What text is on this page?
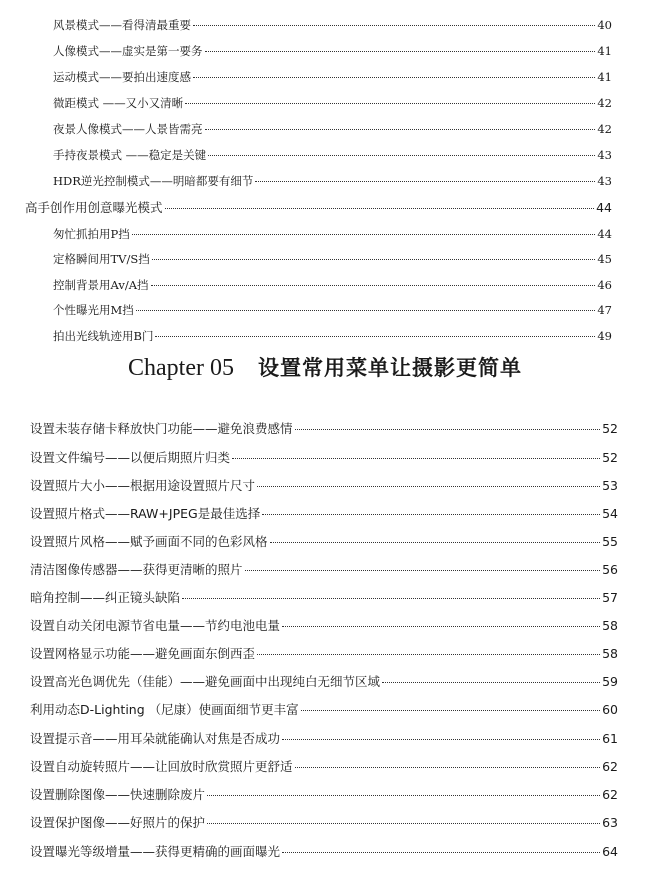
风景模式——看得清最重要	40
人像模式——虚实是第一要务	41
运动模式——要拍出速度感	41
微距模式 ——又小又清晰	42
夜景人像模式——人景皆需亮	42
手持夜景模式 ——稳定是关键	43
HDR逆光控制模式——明暗都要有细节	43
高手创作用创意曝光模式	44
匆忙抓拍用P挡	44
定格瞬间用TV/S挡	45
控制背景用Av/A挡	46
个性曝光用M挡	47
拍出光线轨迹用B门	49
Chapter 05 设置常用菜单让摄影更简单
设置未装存储卡释放快门功能——避免浪费感情	52
设置文件编号——以便后期照片归类	52
设置照片大小——根据用途设置照片尺寸	53
设置照片格式——RAW+JPEG是最佳选择	54
设置照片风格——赋予画面不同的色彩风格	55
清洁图像传感器——获得更清晰的照片	56
暗角控制——纠正镜头缺陷	57
设置自动关闭电源节省电量——节约电池电量	58
设置网格显示功能——避免画面东倒西歪	58
设置高光色调优先（佳能）——避免画面中出现纯白无细节区域	59
利用动态D-Lighting （尼康）使画面细节更丰富	60
设置提示音——用耳朵就能确认对焦是否成功	61
设置自动旋转照片——让回放时欣赏照片更舒适	62
设置删除图像——快速删除废片	62
设置保护图像——好照片的保护	63
设置曝光等级增量——获得更精确的画面曝光	64
